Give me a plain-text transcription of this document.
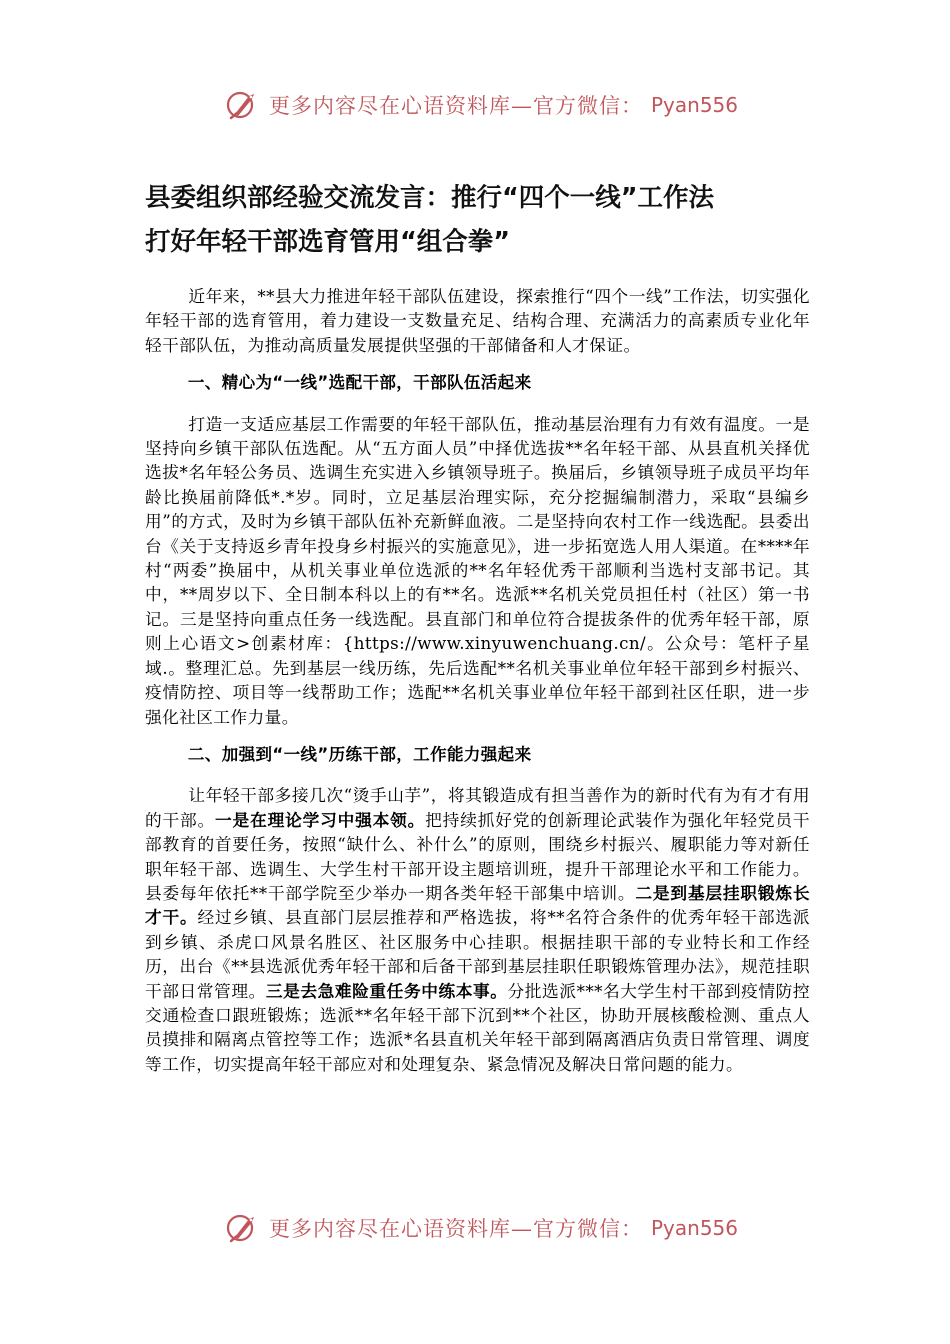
更多内容尽在心语资料库—官方微信： Pyan556
县委组织部经验交流发言：推行“四个一线”工作法
打好年轻干部选育管用“组合拳”

近年来，**县大力推进年轻干部队伍建设，探索推行“四个一线”工作法，切实强化年轻干部的选育管用，着力建设一支数量充足、结构合理、充满活力的高素质专业化年轻干部队伍，为推动高质量发展提供坚强的干部储备和人才保证。

一、精心为“一线”选配干部，干部队伍活起来

打造一支适应基层工作需要的年轻干部队伍，推动基层治理有力有效有温度。一是坚持向乡镇干部队伍选配。从“五方面人员”中择优选拔**名年轻干部、从县直机关择优选拔*名年轻公务员、选调生充实进入乡镇领导班子。换届后，乡镇领导班子成员平均年龄比换届前降低*.*岁。同时，立足基层治理实际，充分挖掘编制潜力，采取“县编乡用”的方式，及时为乡镇干部队伍补充新鲜血液。二是坚持向农村工作一线选配。县委出台《关于支持返乡青年投身乡村振兴的实施意见》，进一步拓宽选人用人渠道。在****年村“两委”换届中，从机关事业单位选派的**名年轻优秀干部顺利当选村支部书记。其中，**周岁以下、全日制本科以上的有**名。选派**名机关党员担任村（社区）第一书记。三是坚持向重点任务一线选配。县直部门和单位符合提拔条件的优秀年轻干部，原则上心语文>创素材库：{https://www.xinyuwenchuang.cn/。公众号：笔杆子星域.。整理汇总。先到基层一线历练，先后选配**名机关事业单位年轻干部到乡村振兴、疫情防控、项目等一线帮助工作；选配**名机关事业单位年轻干部到社区任职，进一步强化社区工作力量。

二、加强到“一线”历练干部，工作能力强起来

让年轻干部多接几次“烫手山芋”，将其锻造成有担当善作为的新时代有为有才有用的干部。一是在理论学习中强本领。把持续抓好党的创新理论武装作为强化年轻党员干部教育的首要任务，按照“缺什么、补什么”的原则，围绕乡村振兴、履职能力等对新任职年轻干部、选调生、大学生村干部开设主题培训班，提升干部理论水平和工作能力。县委每年依托**干部学院至少举办一期各类年轻干部集中培训。二是到基层挂职锻炼长才干。经过乡镇、县直部门层层推荐和严格选拔，将**名符合条件的优秀年轻干部选派到乡镇、杀虎口风景名胜区、社区服务中心挂职。根据挂职干部的专业特长和工作经历，出台《**县选派优秀年轻干部和后备干部到基层挂职任职锻炼管理办法》，规范挂职干部日常管理。三是去急难险重任务中练本事。分批选派***名大学生村干部到疫情防控交通检查口跟班锻炼；选派**名年轻干部下沉到**个社区，协助开展核酸检测、重点人员摸排和隔离点管控等工作；选派*名县直机关年轻干部到隔离酒店负责日常管理、调度等工作，切实提高年轻干部应对和处理复杂、紧急情况及解决日常问题的能力。

更多内容尽在心语资料库—官方微信： Pyan556
